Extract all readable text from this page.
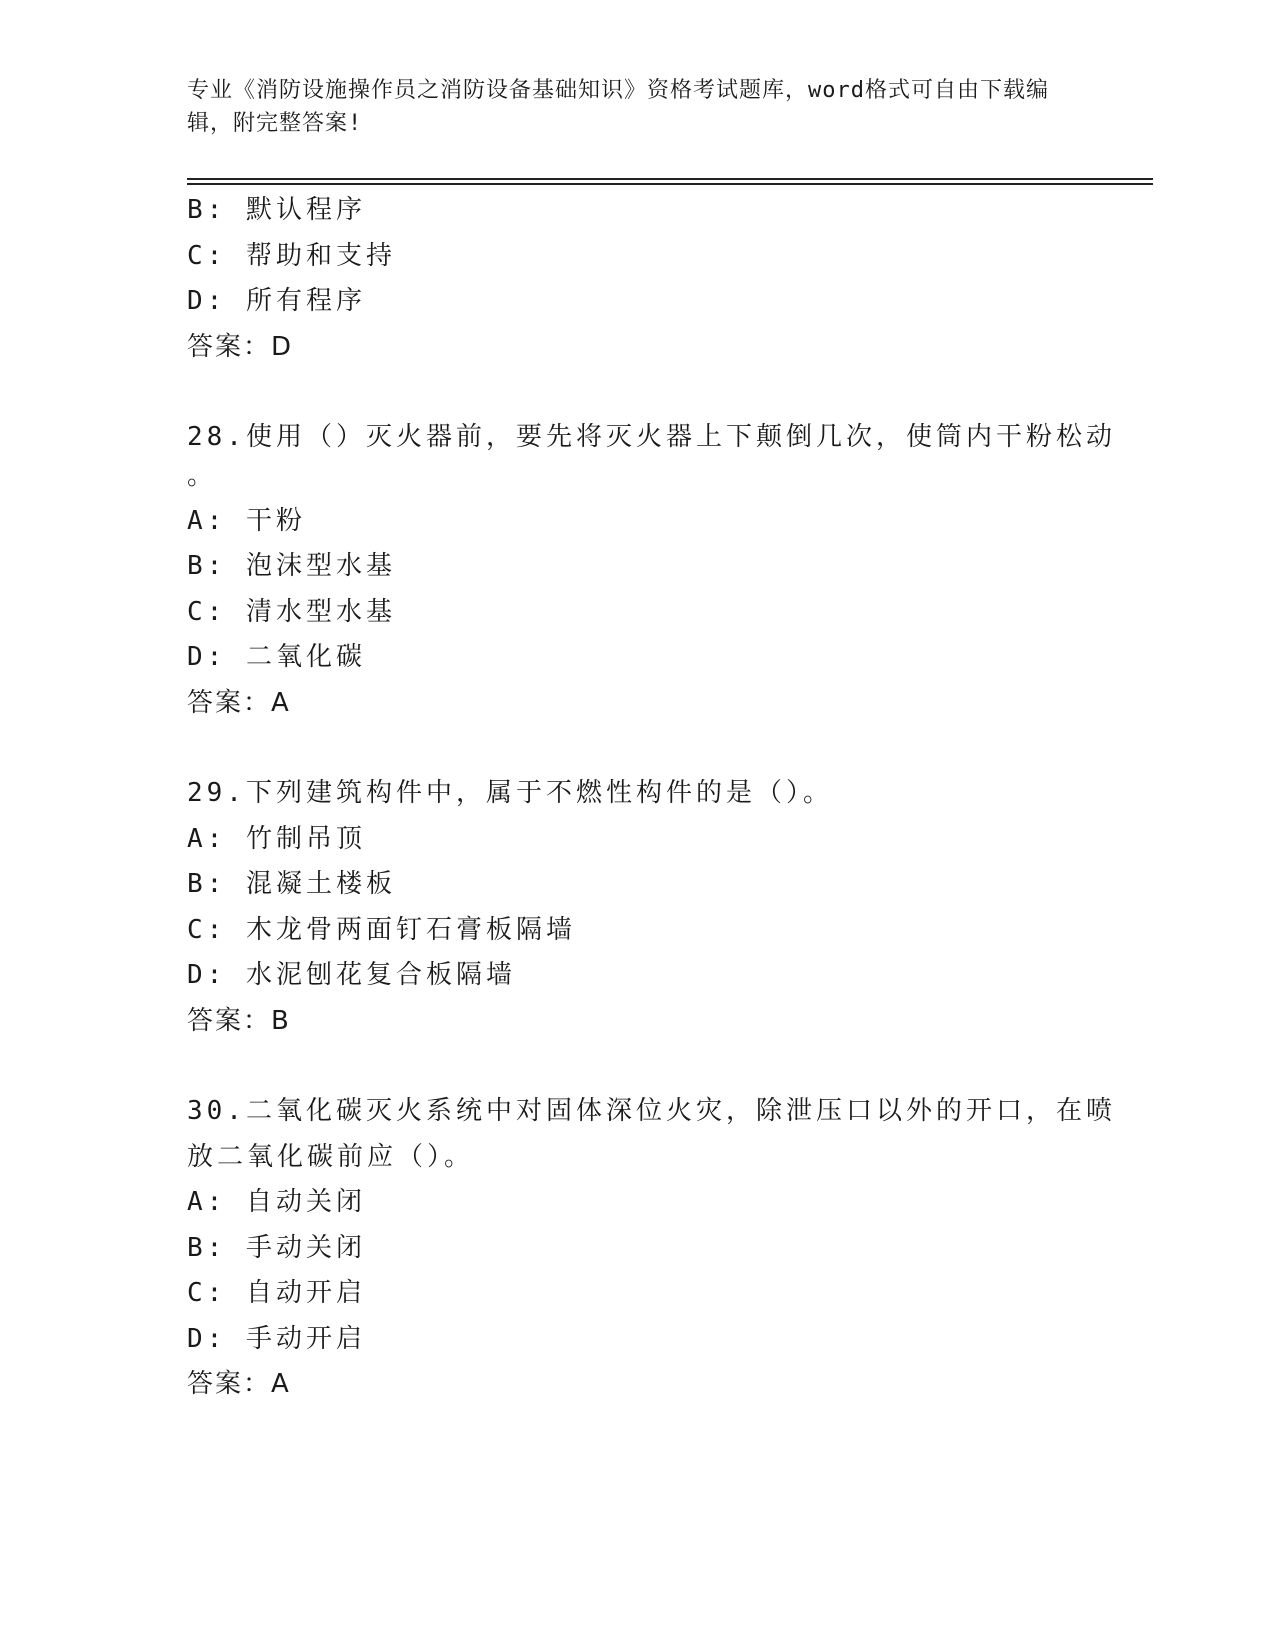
专业《消防设施操作员之消防设备基础知识》资格考试题库，word格式可自由下载编辑，附完整答案!
B: 默认程序
C: 帮助和支持
D: 所有程序
答案：D
28.使用（）灭火器前，要先将灭火器上下颠倒几次，使筒内干粉松动
。
A: 干粉
B: 泡沫型水基
C: 清水型水基
D: 二氧化碳
答案：A
29.下列建筑构件中，属于不燃性构件的是（）。
A: 竹制吊顶
B: 混凝土楼板
C: 木龙骨两面钉石膏板隔墙
D: 水泥刨花复合板隔墙
答案：B
30.二氧化碳灭火系统中对固体深位火灾，除泄压口以外的开口，在喷
放二氧化碳前应（）。
A: 自动关闭
B: 手动关闭
C: 自动开启
D: 手动开启
答案：A
